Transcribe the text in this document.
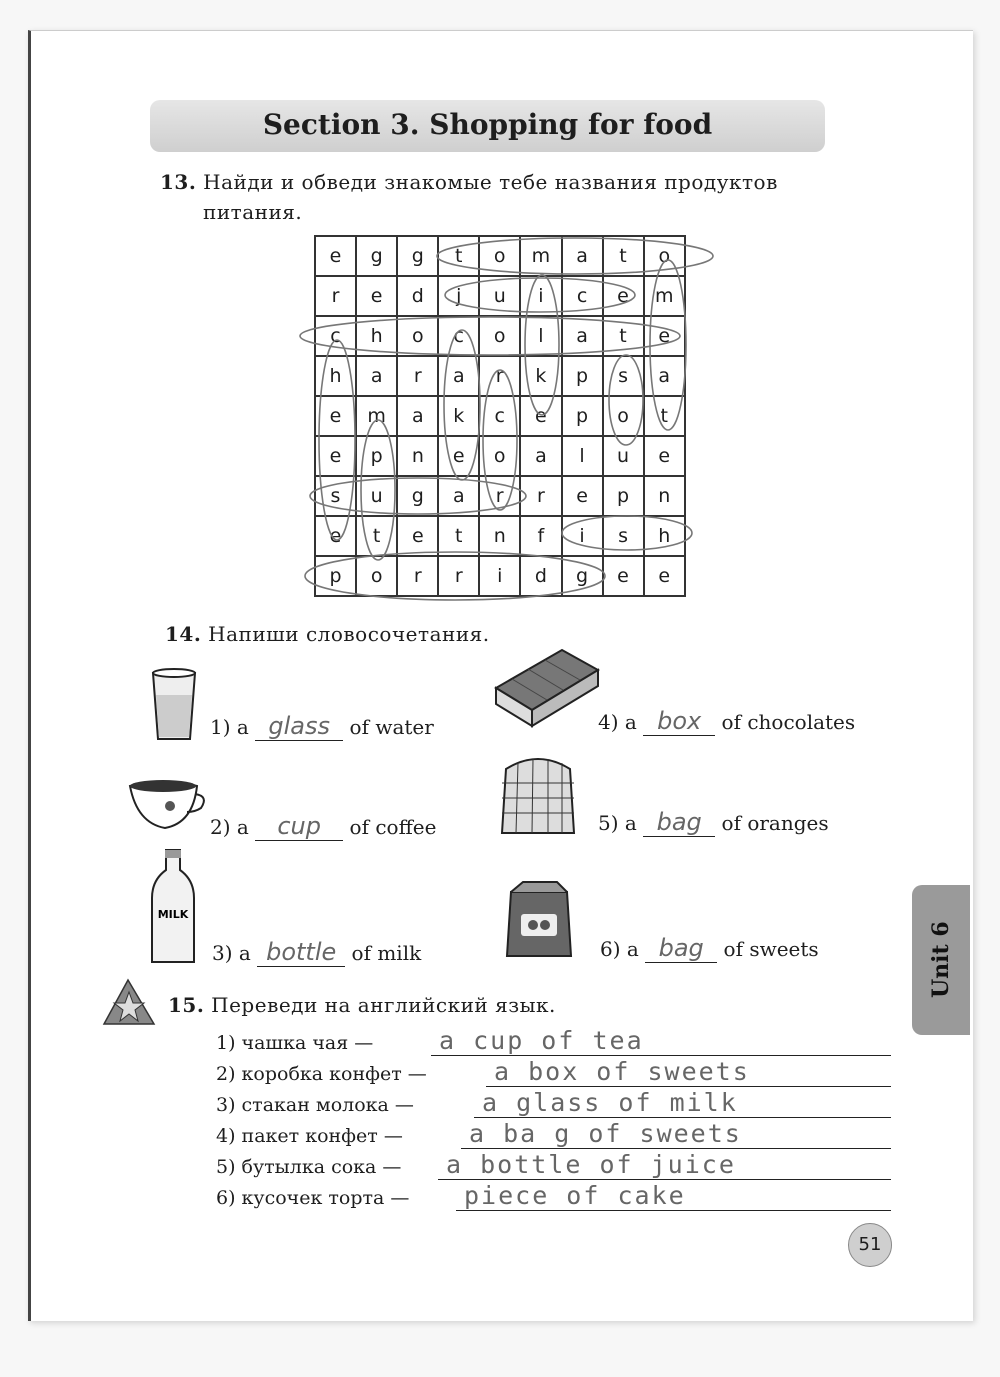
Section 3. Shopping for food
13. Найди и обведи знакомые тебе названия продуктов
питания.
e	g	g	t	o	m	a	t	o
r	e	d	j	u	i	c	e	m
c	h	o	c	o	l	a	t	e
h	a	r	a	r	k	p	s	a
e	m	a	k	c	e	p	o	t
e	p	n	e	o	a	l	u	e
s	u	g	a	r	r	e	p	n
e	t	e	t	n	f	i	s	h
p	o	r	r	i	d	g	e	e
14. Напиши словосочетания.
MILK
1) a glass of water
2) a cup of coffee
3) a bottle of milk
4) a box of chocolates
5) a bag of oranges
6) a bag of sweets
15. Переведи на английский язык.
1) чашка чая —	a cup of tea
2) коробка конфет —	a box of sweets
3) стакан молока —	a glass of milk
4) пакет конфет —	a ba g of sweets
5) бутылка сока —	a bottle of juice
6) кусочек торта —	piece of cake
Unit 6
51
